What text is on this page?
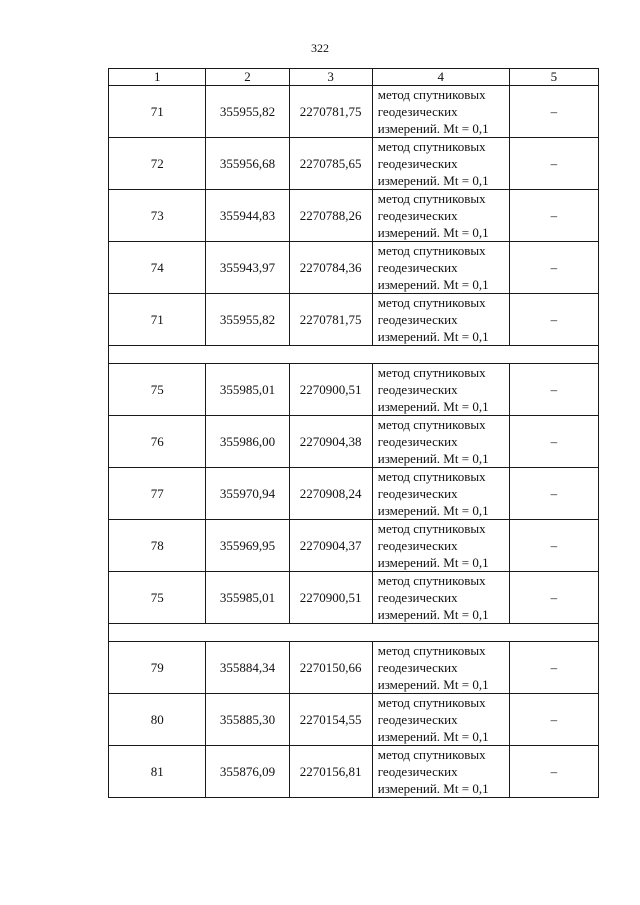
322
1	2	3	4	5
71	355955,82	2270781,75	метод спутниковых
геодезических
измерений. Mt = 0,1	–
72	355956,68	2270785,65	метод спутниковых
геодезических
измерений. Mt = 0,1	–
73	355944,83	2270788,26	метод спутниковых
геодезических
измерений. Mt = 0,1	–
74	355943,97	2270784,36	метод спутниковых
геодезических
измерений. Mt = 0,1	–
71	355955,82	2270781,75	метод спутниковых
геодезических
измерений. Mt = 0,1	–

75	355985,01	2270900,51	метод спутниковых
геодезических
измерений. Mt = 0,1	–
76	355986,00	2270904,38	метод спутниковых
геодезических
измерений. Mt = 0,1	–
77	355970,94	2270908,24	метод спутниковых
геодезических
измерений. Mt = 0,1	–
78	355969,95	2270904,37	метод спутниковых
геодезических
измерений. Mt = 0,1	–
75	355985,01	2270900,51	метод спутниковых
геодезических
измерений. Mt = 0,1	–

79	355884,34	2270150,66	метод спутниковых
геодезических
измерений. Mt = 0,1	–
80	355885,30	2270154,55	метод спутниковых
геодезических
измерений. Mt = 0,1	–
81	355876,09	2270156,81	метод спутниковых
геодезических
измерений. Mt = 0,1	–
